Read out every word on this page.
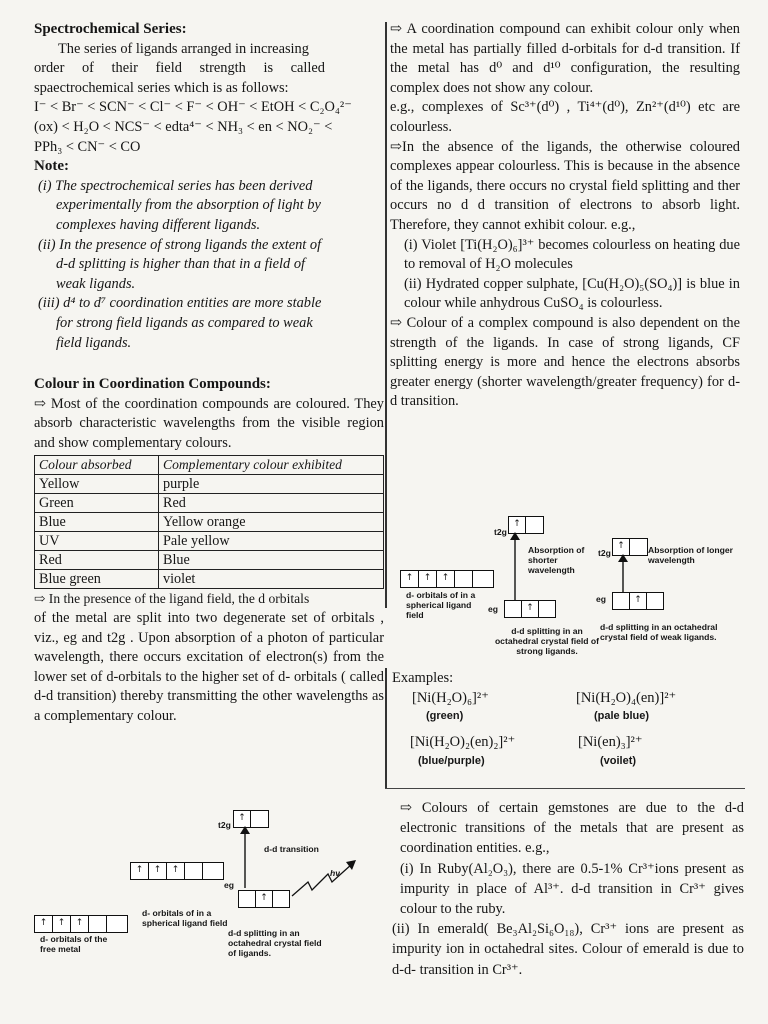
Spectrochemical Series:

The series of ligands arranged in increasing

order of their field strength is called

spaectrochemical series which is as follows:

I⁻ < Br⁻ < SCN⁻ < Cl⁻ < F⁻ < OH⁻ < EtOH < C₂O₄²⁻

(ox) < H₂O < NCS⁻ < edta⁴⁻ < NH₃ < en < NO₂⁻ <

PPh₃ < CN⁻ < CO

Note:

(i) The spectrochemical series has been derived

experimentally from the absorption of light by

complexes having different ligands.

(ii) In the presence of strong ligands the extent of

d-d splitting is higher than that in a field of

weak ligands.

(iii) d⁴ to d⁷ coordination entities are more stable

for strong field ligands as compared to weak

field ligands.

Colour in Coordination Compounds:

⇨ Most of the coordination compounds are coloured. They absorb characteristic wavelengths from the visible region and show complementary colours.

Colour absorbed	Complementary colour exhibited
Yellow	purple
Green	Red
Blue	Yellow orange
UV	Pale yellow
Red	Blue
Blue green	violet

⇨ In the presence of the ligand field, the d orbitals

of the metal are split into two degenerate set of orbitals , viz., eg and t2g . Upon absorption of a photon of particular wavelength, there occurs excitation of electron(s) from the lower set of d-orbitals to the higher set of d- orbitals ( called d-d transition) thereby transmitting the other wavelengths as a complementary colour.

↑	↑	↑
d- orbitals of the free metal
↑	↑	↑
d- orbitals of in a spherical ligand field
t2g
↑
eg
↑
d-d transition
hν
d-d splitting in an octahedral crystal field of ligands.

⇨ A coordination compound can exhibit colour only when the metal has partially filled d-orbitals for d-d transition. If the metal has d⁰ and d¹⁰ configuration, the resulting complex does not show any colour.

e.g., complexes of Sc³⁺(d⁰) , Ti⁴⁺(d⁰), Zn²⁺(d¹⁰) etc are colourless.

⇨In the absence of the ligands, the otherwise coloured complexes appear colourless. This is because in the absence of the ligands, there occurs no crystal field splitting and ther occurs no d d transition of electrons to absorb light. Therefore, they cannot exhibit colour. e.g.,

(i) Violet [Ti(H₂O)₆]³⁺ becomes colourless on heating due to removal of H₂O molecules

(ii) Hydrated copper sulphate, [Cu(H₂O)₅(SO₄)] is blue in colour while anhydrous CuSO₄ is colourless.

⇨ Colour of a complex compound is also dependent on the strength of the ligands. In case of strong ligands, CF splitting energy is more and hence the electrons absorbs greater energy (shorter wavelength/greater frequency) for d-d transition.

↑	↑	↑
d- orbitals of in a spherical ligand field
t2g
↑
Absorption of shorter wavelength
eg	↑
d-d splitting in an octahedral crystal field of strong ligands.
t2g
↑	Absorption of longer wavelength
eg	↑
d-d splitting in an octahedral crystal field of weak ligands.
Examples:
[Ni(H₂O)₆]²⁺
(green)
[Ni(H₂O)₄(en)]²⁺
(pale blue)
[Ni(H₂O)₂(en)₂]²⁺
(blue/purple)
[Ni(en)₃]²⁺
(voilet)

⇨ Colours of certain gemstones are due to the d-d electronic transitions of the metals that are present as coordination entities. e.g.,

(i) In Ruby(Al₂O₃), there are 0.5-1% Cr³⁺ions present as impurity in place of Al³⁺. d-d transition in Cr³⁺ gives colour to the ruby.

(ii) In emerald( Be₃Al₂Si₆O₁₈), Cr³⁺ ions are present as impurity ion in octahedral sites. Colour of emerald is due to d-d- transition in Cr³⁺.
